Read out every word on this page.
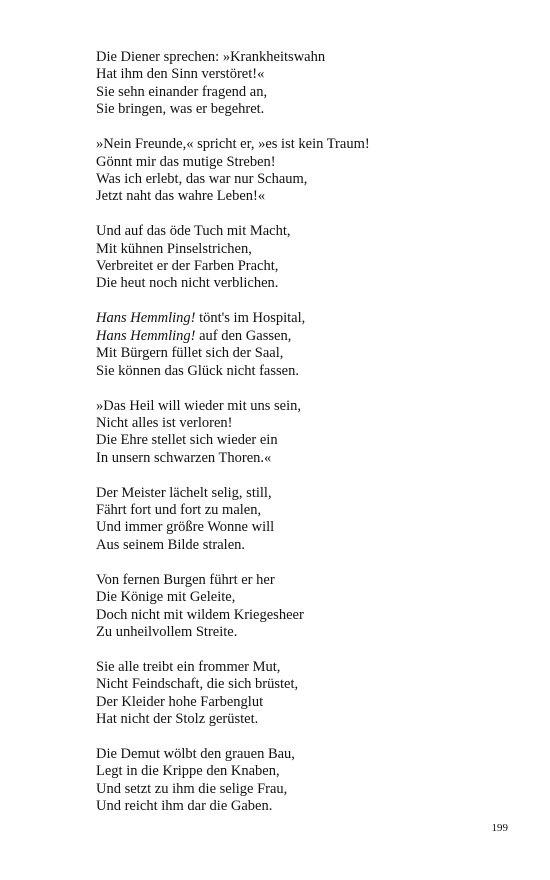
Die Diener sprechen: »Krankheitswahn
Hat ihm den Sinn verstöret!«
Sie sehn einander fragend an,
Sie bringen, was er begehret.
»Nein Freunde,« spricht er, »es ist kein Traum!
Gönnt mir das mutige Streben!
Was ich erlebt, das war nur Schaum,
Jetzt naht das wahre Leben!«
Und auf das öde Tuch mit Macht,
Mit kühnen Pinselstrichen,
Verbreitet er der Farben Pracht,
Die heut noch nicht verblichen.
Hans Hemmling! tönt's im Hospital,
Hans Hemmling! auf den Gassen,
Mit Bürgern füllet sich der Saal,
Sie können das Glück nicht fassen.
»Das Heil will wieder mit uns sein,
Nicht alles ist verloren!
Die Ehre stellet sich wieder ein
In unsern schwarzen Thoren.«
Der Meister lächelt selig, still,
Fährt fort und fort zu malen,
Und immer größre Wonne will
Aus seinem Bilde stralen.
Von fernen Burgen führt er her
Die Könige mit Geleite,
Doch nicht mit wildem Kriegesheer
Zu unheilvollem Streite.
Sie alle treibt ein frommer Mut,
Nicht Feindschaft, die sich brüstet,
Der Kleider hohe Farbenglut
Hat nicht der Stolz gerüstet.
Die Demut wölbt den grauen Bau,
Legt in die Krippe den Knaben,
Und setzt zu ihm die selige Frau,
Und reicht ihm dar die Gaben.
199
